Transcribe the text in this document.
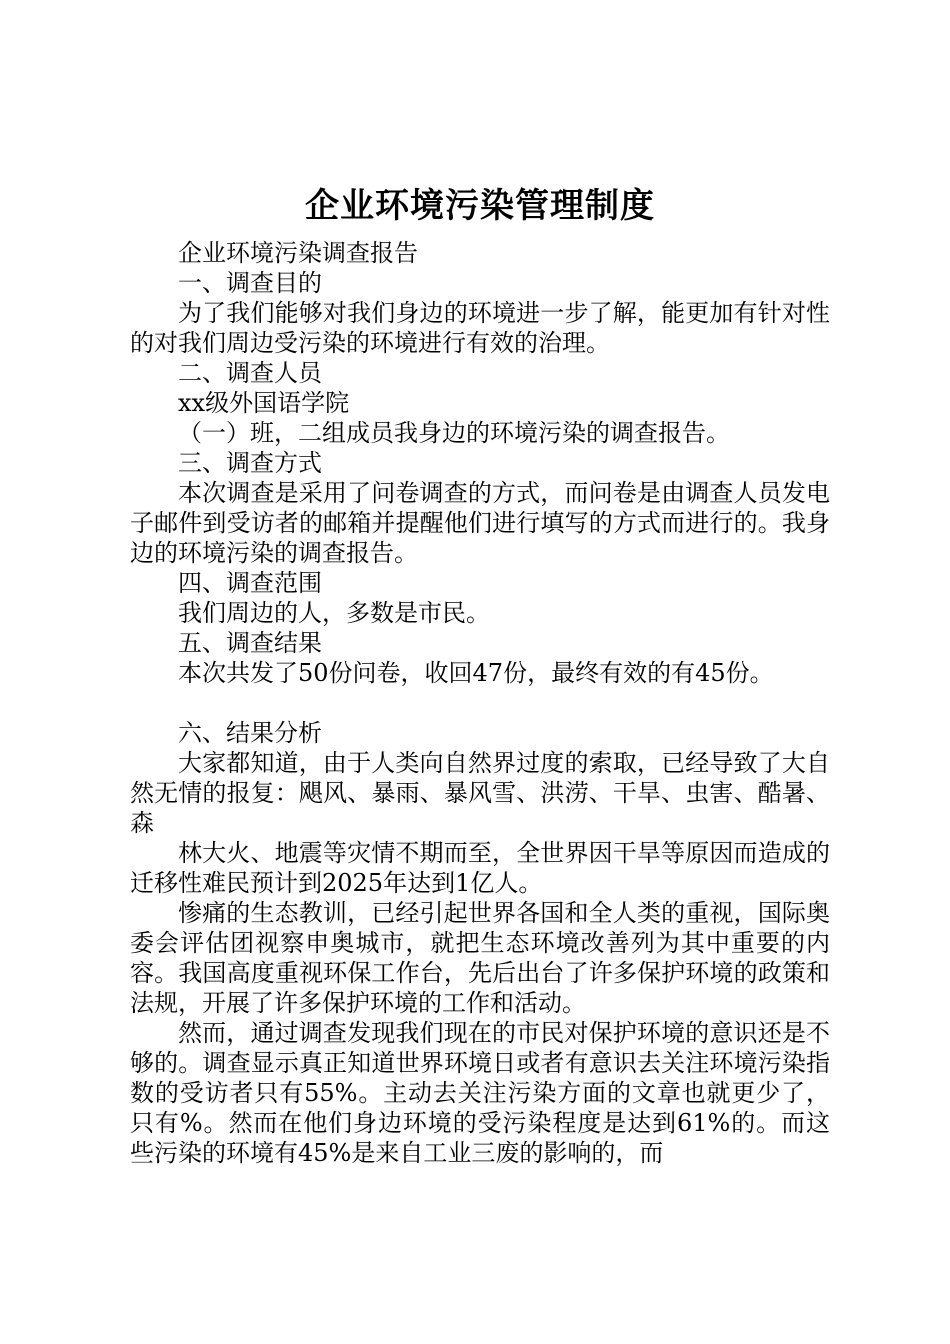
企业环境污染管理制度

企业环境污染调查报告

一、调查目的

为了我们能够对我们身边的环境进一步了解，能更加有针对性的对我们周边受污染的环境进行有效的治理。

二、调查人员

xx级外国语学院

（一）班，二组成员我身边的环境污染的调查报告。

三、调查方式

本次调查是采用了问卷调查的方式，而问卷是由调查人员发电子邮件到受访者的邮箱并提醒他们进行填写的方式而进行的。我身边的环境污染的调查报告。

四、调查范围

我们周边的人，多数是市民。

五、调查结果

本次共发了50份问卷，收回47份，最终有效的有45份。

六、结果分析

大家都知道，由于人类向自然界过度的索取，已经导致了大自然无情的报复：飓风、暴雨、暴风雪、洪涝、干旱、虫害、酷暑、森

林大火、地震等灾情不期而至，全世界因干旱等原因而造成的迁移性难民预计到2025年达到1亿人。

惨痛的生态教训，已经引起世界各国和全人类的重视，国际奥委会评估团视察申奥城市，就把生态环境改善列为其中重要的内容。我国高度重视环保工作台，先后出台了许多保护环境的政策和法规，开展了许多保护环境的工作和活动。

然而，通过调查发现我们现在的市民对保护环境的意识还是不够的。调查显示真正知道世界环境日或者有意识去关注环境污染指数的受访者只有55%。主动去关注污染方面的文章也就更少了，只有%。然而在他们身边环境的受污染程度是达到61%的。而这些污染的环境有45%是来自工业三废的影响的，而
